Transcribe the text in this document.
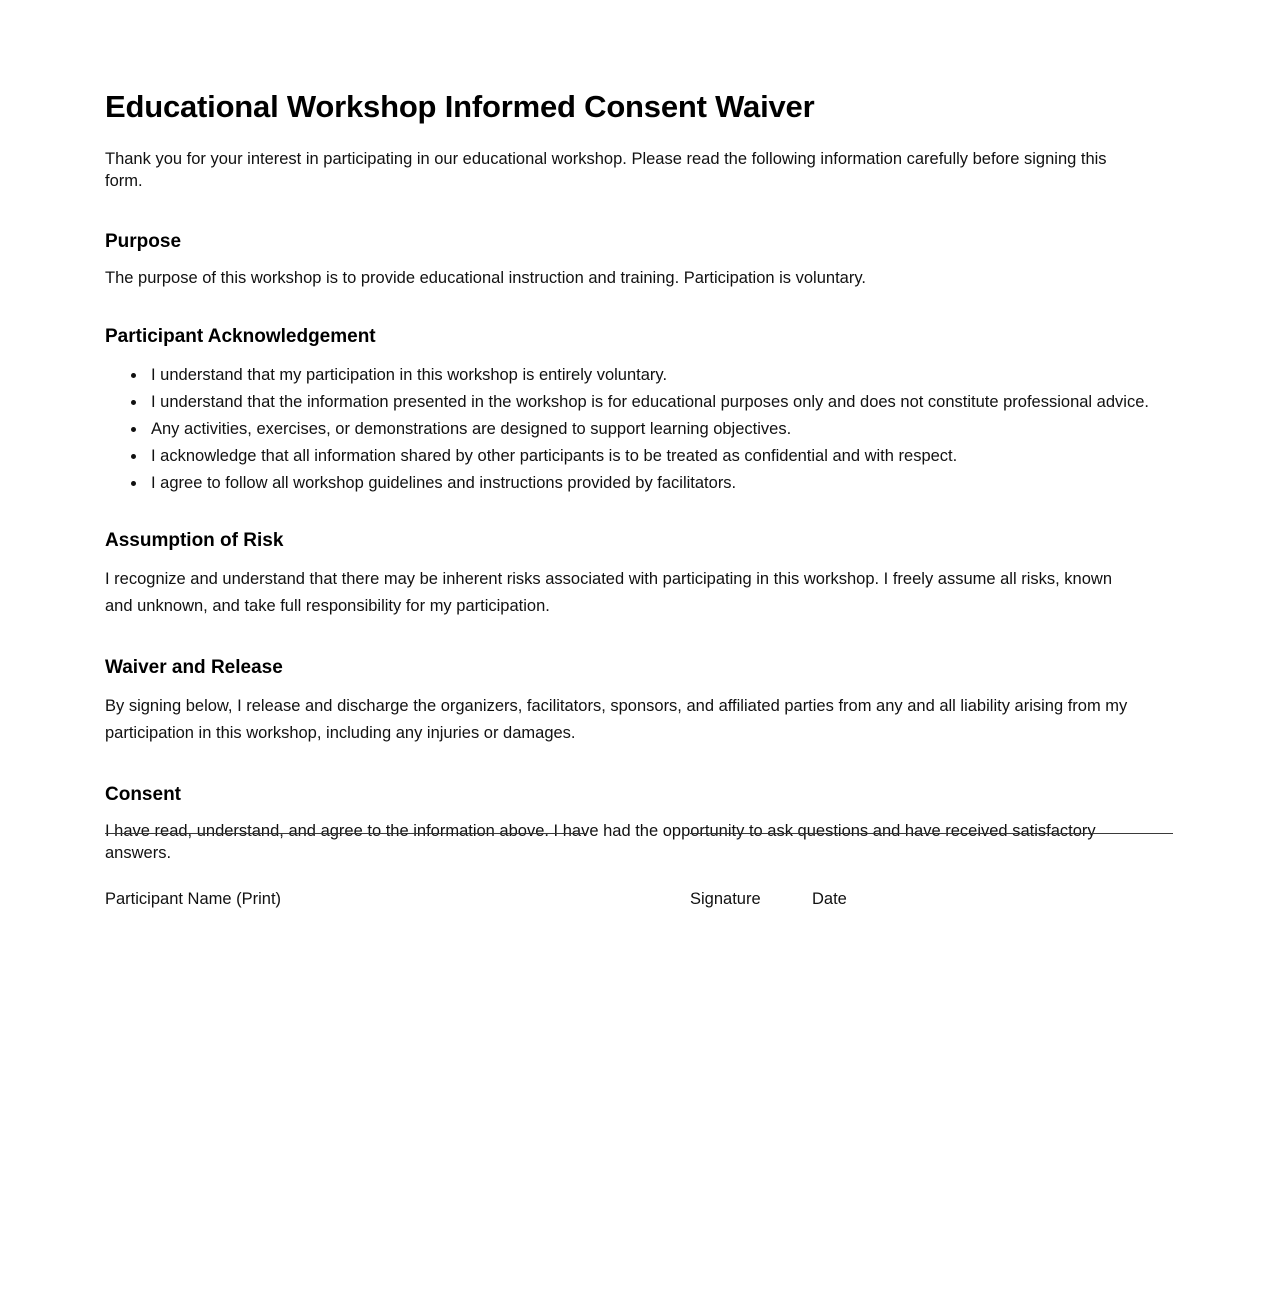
Educational Workshop Informed Consent Waiver

Thank you for your interest in participating in our educational workshop. Please read the following information carefully before signing this form.

Purpose

The purpose of this workshop is to provide educational instruction and training. Participation is voluntary.

Participant Acknowledgement
• I understand that my participation in this workshop is entirely voluntary.
• I understand that the information presented in the workshop is for educational purposes only and does not constitute professional advice.
• Any activities, exercises, or demonstrations are designed to support learning objectives.
• I acknowledge that all information shared by other participants is to be treated as confidential and with respect.
• I agree to follow all workshop guidelines and instructions provided by facilitators.
Assumption of Risk

I recognize and understand that there may be inherent risks associated with participating in this workshop. I freely assume all risks, known and unknown, and take full responsibility for my participation.

Waiver and Release

By signing below, I release and discharge the organizers, facilitators, sponsors, and affiliated parties from any and all liability arising from my participation in this workshop, including any injuries or damages.

Consent

I have read, understand, and agree to the information above. I have had the opportunity to ask questions and have received satisfactory answers.

Participant Name (Print)	Signature	Date
